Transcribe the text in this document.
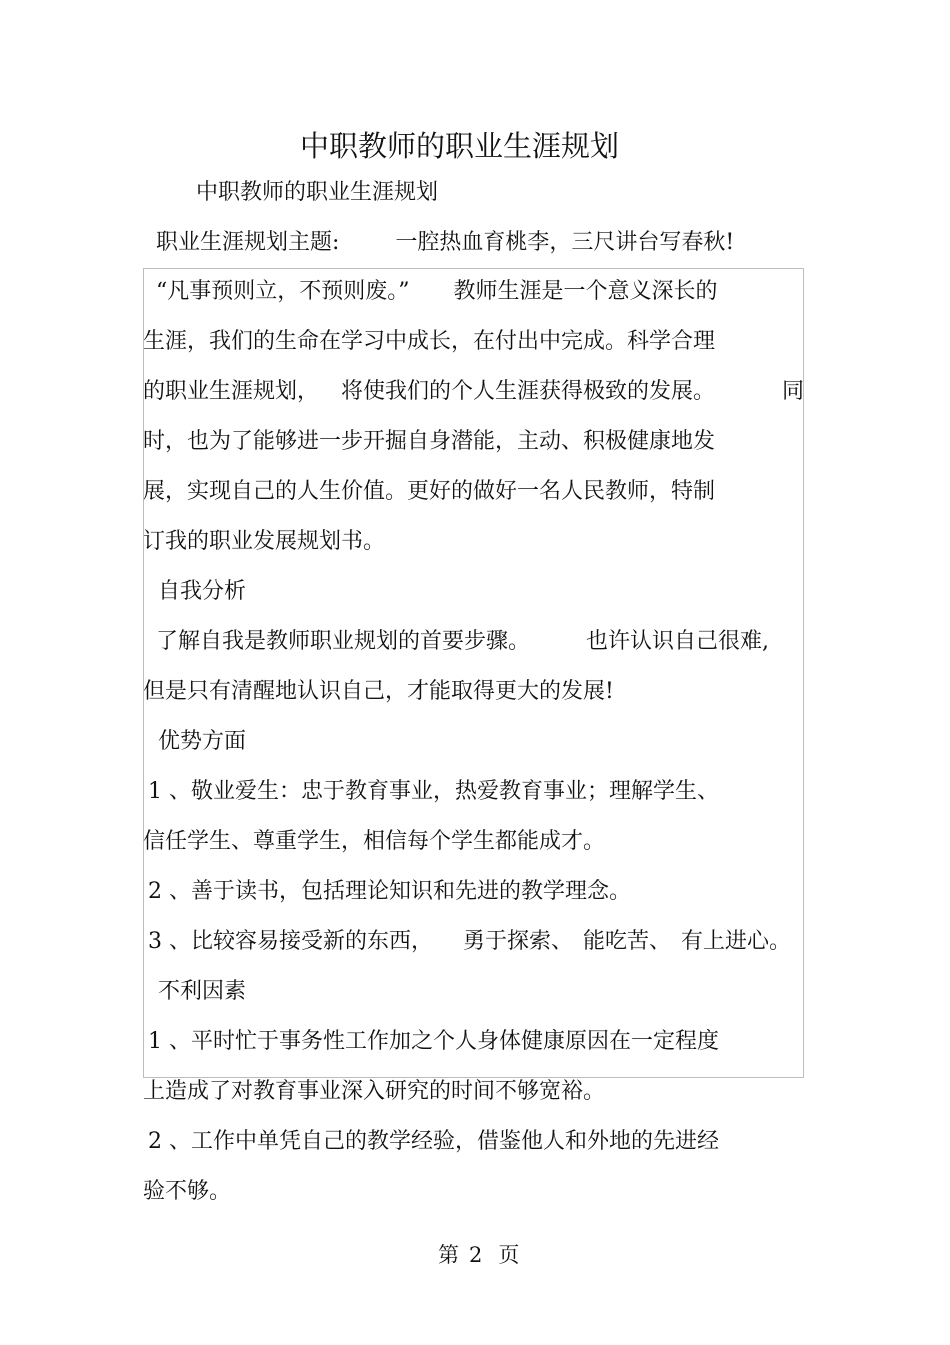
中职教师的职业生涯规划
中职教师的职业生涯规划
职业生涯规划主题:	一腔热血育桃李，三尺讲台写春秋!
“凡事预则立，不预则废。” 教师生涯是一个意义深长的
生涯，我们的生命在学习中成长，在付出中完成。科学合理
的职业生涯规划， 将使我们的个人生涯获得极致的发展。	同
时，也为了能够进一步开掘自身潜能，主动、积极健康地发
展，实现自己的人生价值。更好的做好一名人民教师，特制
订我的职业发展规划书。
自我分析
了解自我是教师职业规划的首要步骤。	也许认识自己很难,
但是只有清醒地认识自己，才能取得更大的发展!
优势方面
1 、敬业爱生：忠于教育事业，热爱教育事业；理解学生、
信任学生、尊重学生，相信每个学生都能成才。
2 、善于读书，包括理论知识和先进的教学理念。
3 、比较容易接受新的东西， 勇于探索、 能吃苦、 有上进心。
不利因素
1 、平时忙于事务性工作加之个人身体健康原因在一定程度
上造成了对教育事业深入研究的时间不够宽裕。
2 、工作中单凭自己的教学经验，借鉴他人和外地的先进经
验不够。
第 2 页
